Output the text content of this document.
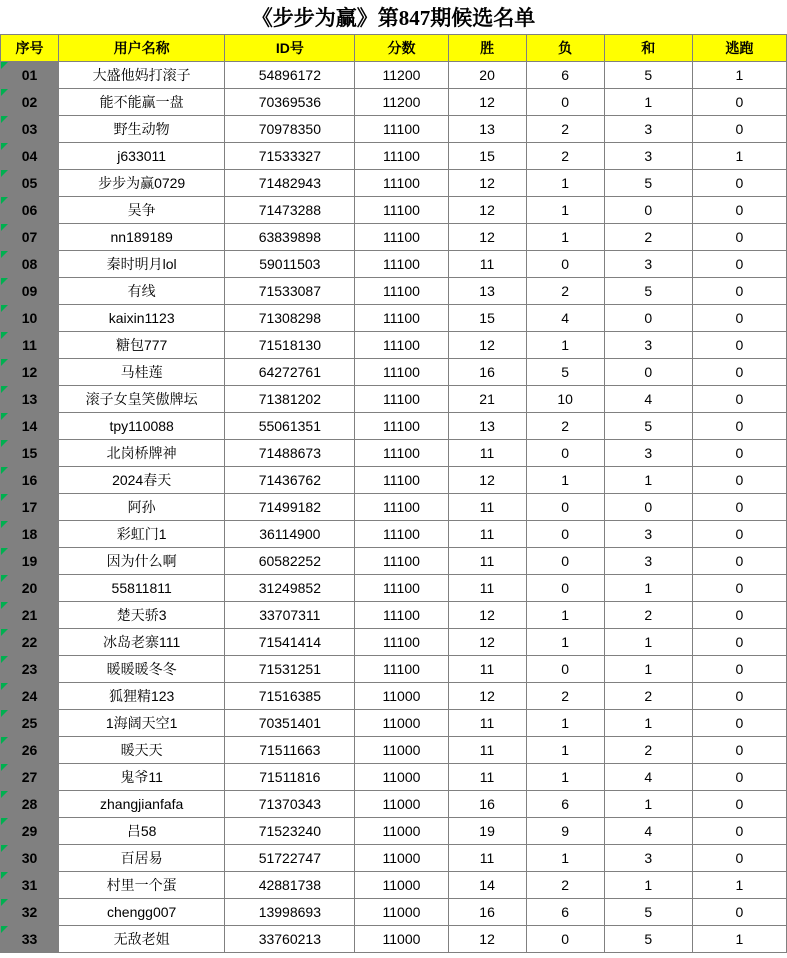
《步步为赢》第847期候选名单
序号	用户名称	ID号	分数	胜	负	和	逃跑

01	大盛他妈打滚子	54896172	11200	20	6	5	1

02	能不能赢一盘	70369536	11200	12	0	1	0

03	野生动物	70978350	11100	13	2	3	0

04	j633011	71533327	11100	15	2	3	1

05	步步为赢0729	71482943	11100	12	1	5	0

06	吴争	71473288	11100	12	1	0	0

07	nn189189	63839898	11100	12	1	2	0

08	秦时明月lol	59011503	11100	11	0	3	0

09	有线	71533087	11100	13	2	5	0

10	kaixin1123	71308298	11100	15	4	0	0

11	糖包777	71518130	11100	12	1	3	0

12	马桂莲	64272761	11100	16	5	0	0

13	滚子女皇笑傲牌坛	71381202	11100	21	10	4	0

14	tpy110088	55061351	11100	13	2	5	0

15	北岗桥牌神	71488673	11100	11	0	3	0

16	2024春天	71436762	11100	12	1	1	0

17	阿孙	71499182	11100	11	0	0	0

18	彩虹门1	36114900	11100	11	0	3	0

19	因为什么啊	60582252	11100	11	0	3	0

20	55811811	31249852	11100	11	0	1	0

21	楚天骄3	33707311	11100	12	1	2	0

22	冰岛老寨111	71541414	11100	12	1	1	0

23	暖暖暖冬冬	71531251	11100	11	0	1	0

24	狐狸精123	71516385	11000	12	2	2	0

25	1海阔天空1	70351401	11000	11	1	1	0

26	暖天天	71511663	11000	11	1	2	0

27	鬼爷11	71511816	11000	11	1	4	0

28	zhangjianfafa	71370343	11000	16	6	1	0

29	吕58	71523240	11000	19	9	4	0

30	百居易	51722747	11000	11	1	3	0

31	村里一个蛋	42881738	11000	14	2	1	1

32	chengg007	13998693	11000	16	6	5	0

33	无敌老姐	33760213	11000	12	0	5	1
